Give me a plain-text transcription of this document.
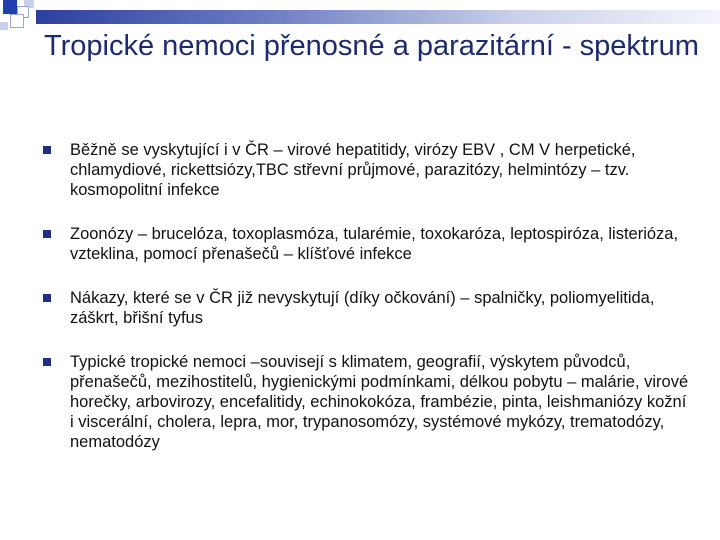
Tropické nemoci přenosné a parazitární - spektrum
Běžně se vyskytující i v ČR – virové hepatitidy, virózy EBV , CM V herpetické, chlamydiové, rickettsiózy,TBC střevní průjmové, parazitózy, helmintózy – tzv. kosmopolitní infekce
Zoonózy – brucelóza, toxoplasmóza, tularémie, toxokaróza, leptospiróza, listerióza, vzteklina, pomocí přenašečů – klíšťové infekce
Nákazy, které se v ČR již nevyskytují (díky očkování) – spalničky, poliomyelitida, záškrt, břišní tyfus
Typické tropické nemoci –souvisejí s klimatem, geografií, výskytem původců, přenašečů, mezihostitelů, hygienickými podmínkami, délkou pobytu – malárie, virové horečky, arbovirozy, encefalitidy, echinokokóza, frambézie, pinta, leishmaniózy kožní i viscerální, cholera, lepra, mor, trypanosomózy, systémové mykózy, trematodózy, nematodózy
